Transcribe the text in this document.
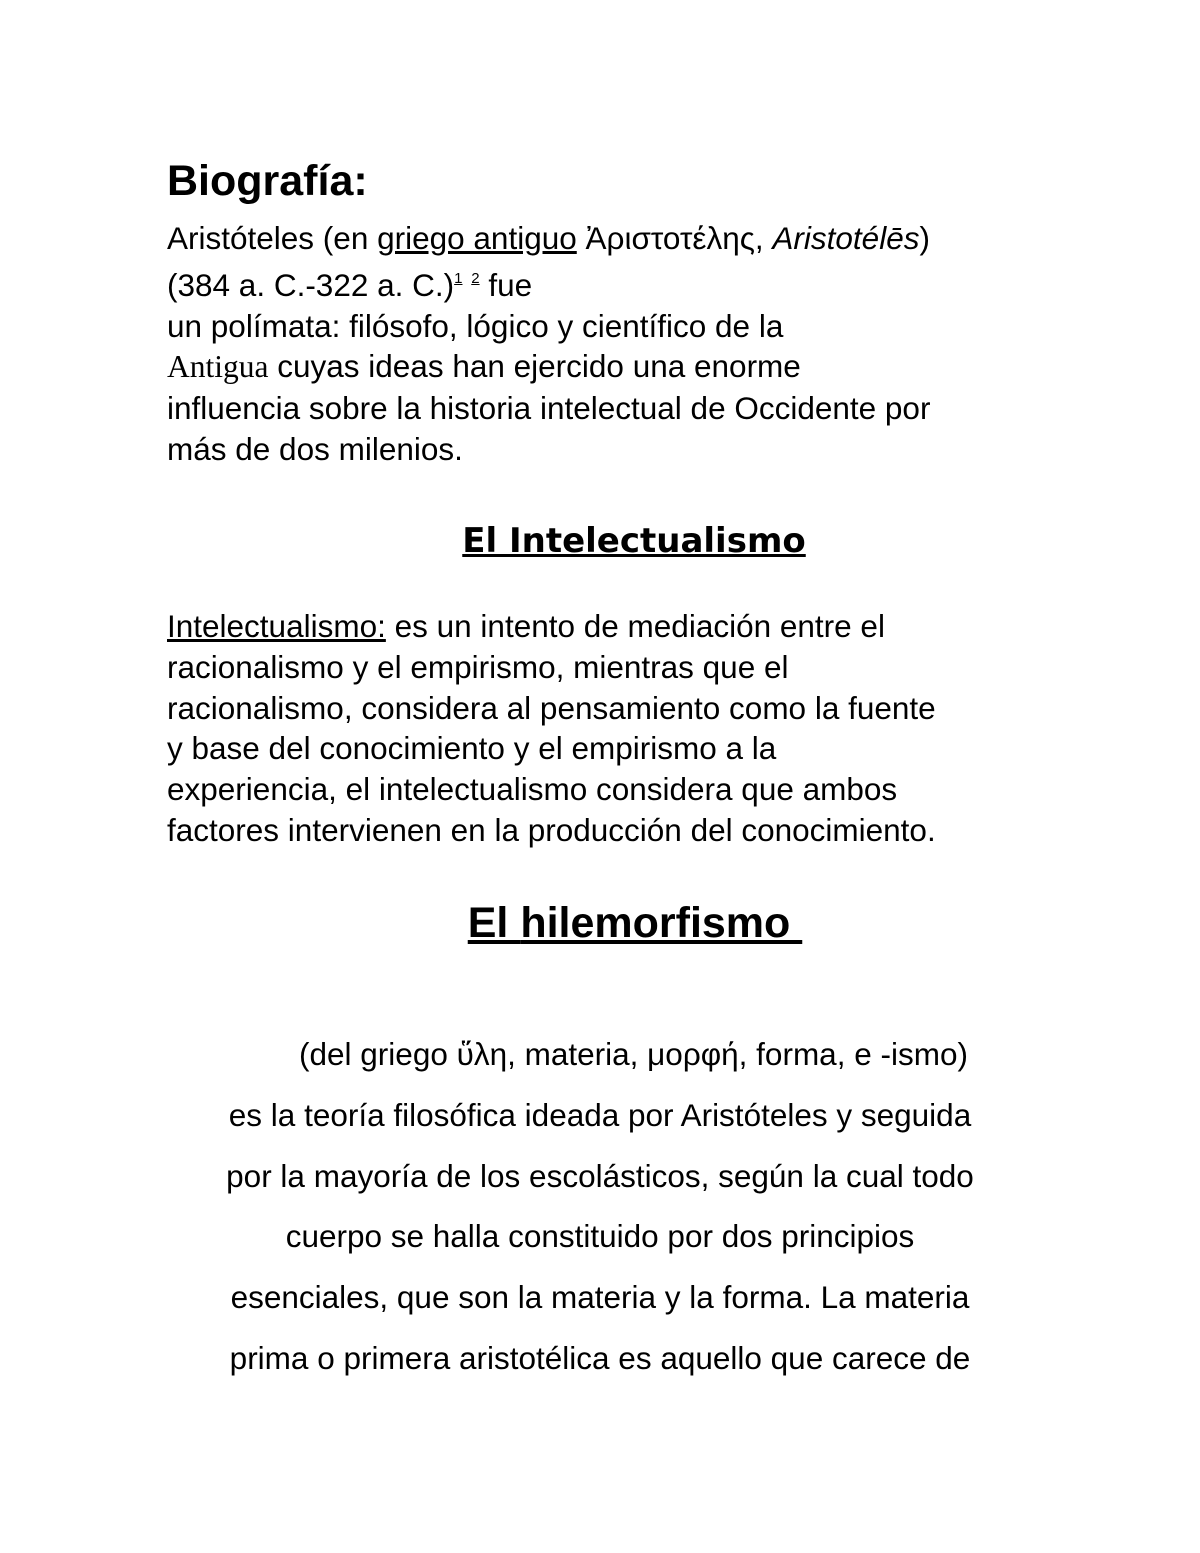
Biografía:

Aristóteles (en griego antiguo Ἀριστοτέλης, Aristotélēs)
(384 a. C.-322 a. C.)$^1$ $^2$ fue
un polímata: filósofo, lógico y científico de la
Antigua cuyas ideas han ejercido una enorme
influencia sobre la historia intelectual de Occidente por
más de dos milenios.

El Intelectualismo

Intelectualismo: es un intento de mediación entre el
racionalismo y el empirismo, mientras que el
racionalismo, considera al pensamiento como la fuente
y base del conocimiento y el empirismo a la
experiencia, el intelectualismo considera que ambos
factores intervienen en la producción del conocimiento.

El hilemorfismo

(del griego ὕλη, materia, μορφή, forma, e -ismo)
es la teoría filosófica ideada por Aristóteles y seguida
por la mayoría de los escolásticos, según la cual todo
cuerpo se halla constituido por dos principios
esenciales, que son la materia y la forma. La materia
prima o primera aristotélica es aquello que carece de
